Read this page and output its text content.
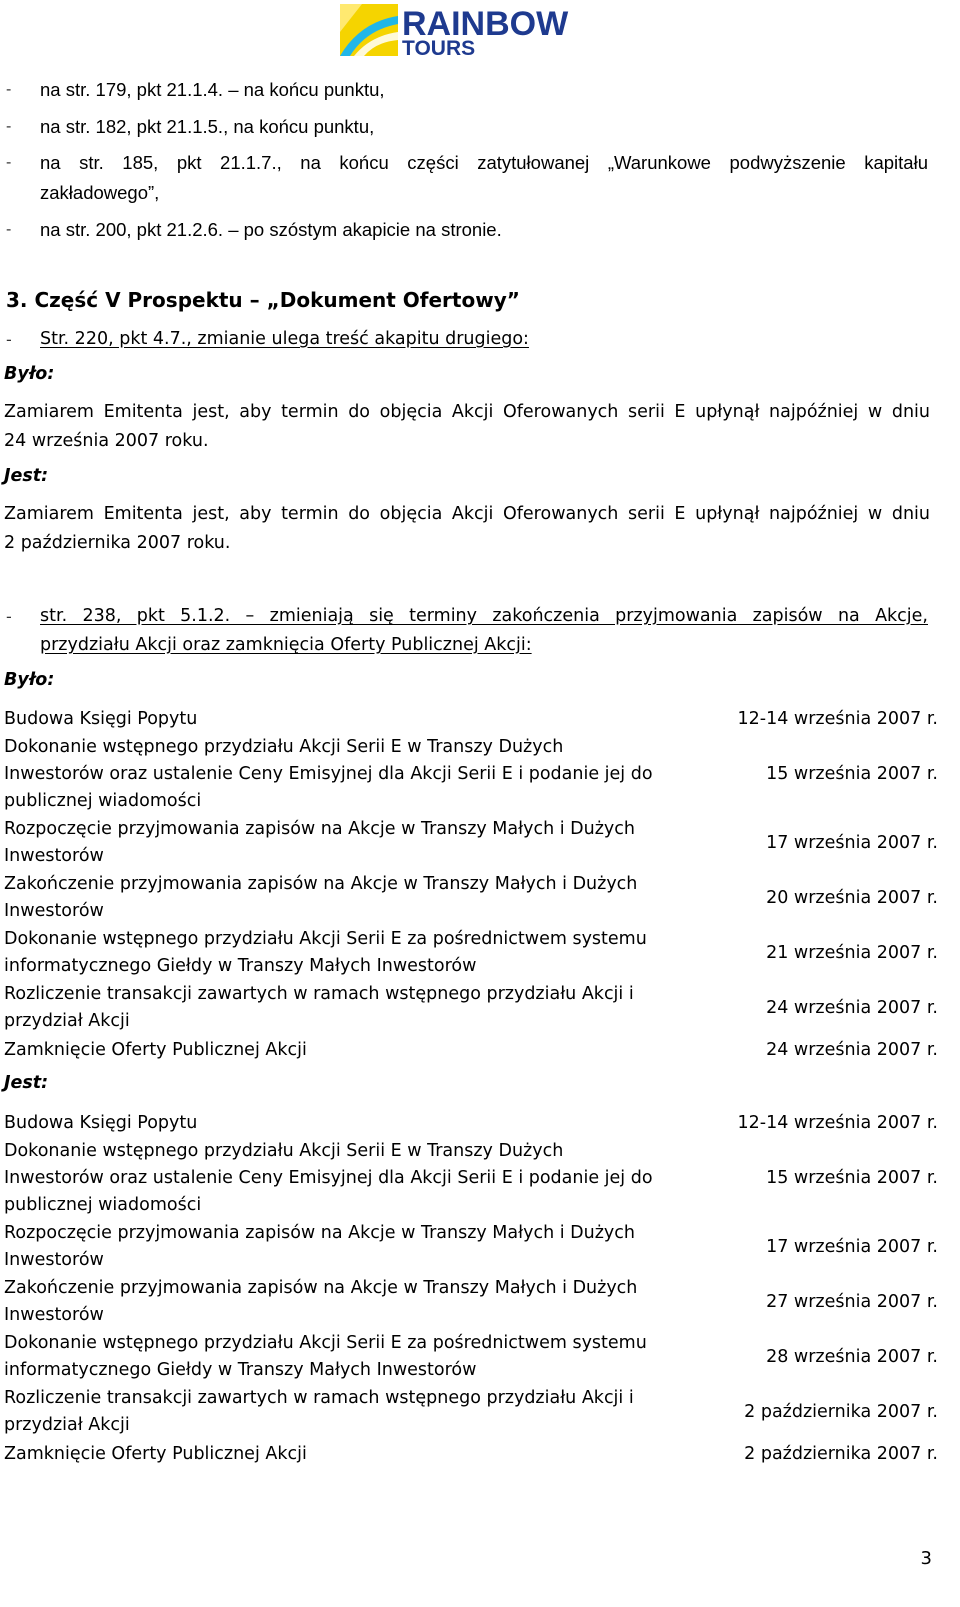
RAINBOW
TOURS
- na str. 179, pkt 21.1.4. – na końcu punktu,
- na str. 182, pkt 21.1.5., na końcu punktu,
- na str. 185, pkt 21.1.7., na końcu części zatytułowanej „Warunkowe podwyższenie kapitału
zakładowego”,
- na str. 200, pkt 21.2.6. – po szóstym akapicie na stronie.
3. Część V Prospektu – „Dokument Ofertowy”
- Str. 220, pkt 4.7., zmianie ulega treść akapitu drugiego:
Było:
Zamiarem Emitenta jest, aby termin do objęcia Akcji Oferowanych serii E upłynął najpóźniej w dniu
24 września 2007 roku.
Jest:
Zamiarem Emitenta jest, aby termin do objęcia Akcji Oferowanych serii E upłynął najpóźniej w dniu
2 października 2007 roku.
- str. 238, pkt 5.1.2. – zmieniają się terminy zakończenia przyjmowania zapisów na Akcje,
przydziału Akcji oraz zamknięcia Oferty Publicznej Akcji:
Było:
Budowa Księgi Popytu	12-14 września 2007 r.
Dokonanie wstępnego przydziału Akcji Serii E w Transzy Dużych
Inwestorów oraz ustalenie Ceny Emisyjnej dla Akcji Serii E i podanie jej do
publicznej wiadomości
15 września 2007 r.
Rozpoczęcie przyjmowania zapisów na Akcje w Transzy Małych i Dużych
Inwestorów
17 września 2007 r.
Zakończenie przyjmowania zapisów na Akcje w Transzy Małych i Dużych
Inwestorów
20 września 2007 r.
Dokonanie wstępnego przydziału Akcji Serii E za pośrednictwem systemu
informatycznego Giełdy w Transzy Małych Inwestorów
21 września 2007 r.
Rozliczenie transakcji zawartych w ramach wstępnego przydziału Akcji i
przydział Akcji
24 września 2007 r.
Zamknięcie Oferty Publicznej Akcji	24 września 2007 r.
Jest:
Budowa Księgi Popytu	12-14 września 2007 r.
Dokonanie wstępnego przydziału Akcji Serii E w Transzy Dużych
Inwestorów oraz ustalenie Ceny Emisyjnej dla Akcji Serii E i podanie jej do
publicznej wiadomości
15 września 2007 r.
Rozpoczęcie przyjmowania zapisów na Akcje w Transzy Małych i Dużych
Inwestorów
17 września 2007 r.
Zakończenie przyjmowania zapisów na Akcje w Transzy Małych i Dużych
Inwestorów
27 września 2007 r.
Dokonanie wstępnego przydziału Akcji Serii E za pośrednictwem systemu
informatycznego Giełdy w Transzy Małych Inwestorów
28 września 2007 r.
Rozliczenie transakcji zawartych w ramach wstępnego przydziału Akcji i
przydział Akcji
2 października 2007 r.
Zamknięcie Oferty Publicznej Akcji	2 października 2007 r.
3
